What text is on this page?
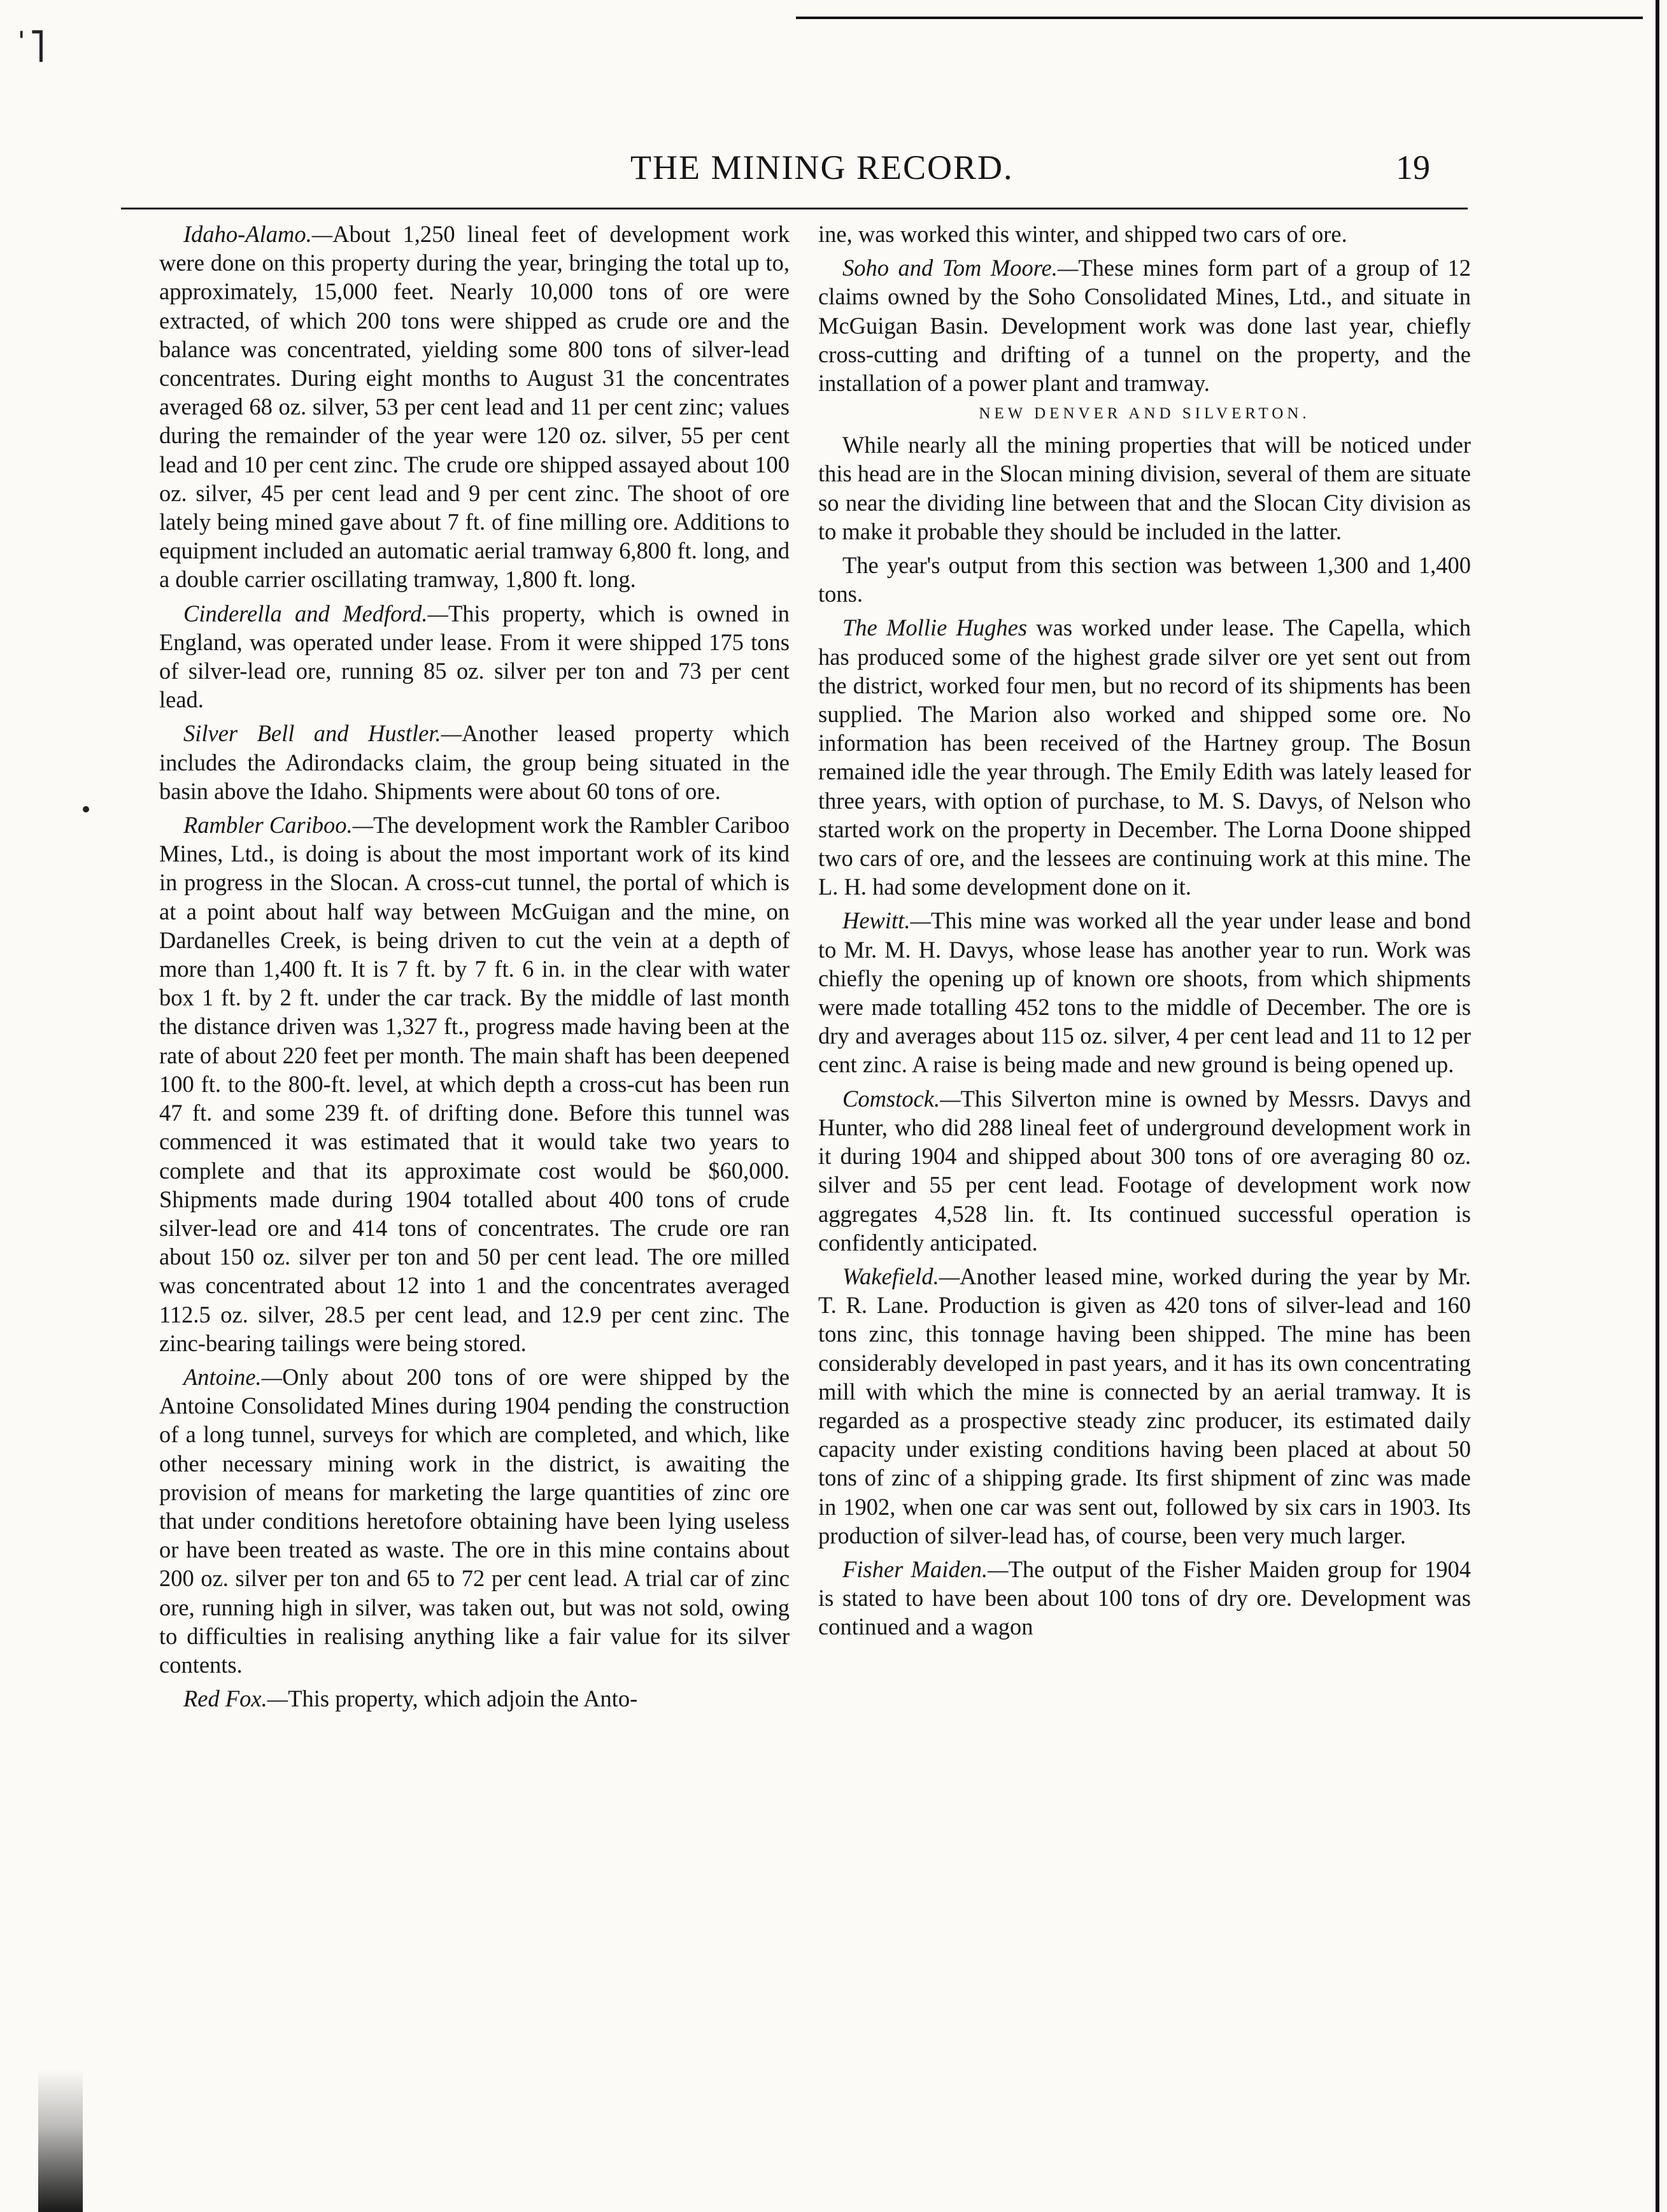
ˈ˥
THE MINING RECORD.	19

Idaho-Alamo.—About 1,250 lineal feet of development work were done on this property during the year, bringing the total up to, approximately, 15,000 feet. Nearly 10,000 tons of ore were extracted, of which 200 tons were shipped as crude ore and the balance was concentrated, yielding some 800 tons of silver-lead concentrates. During eight months to August 31 the concentrates averaged 68 oz. silver, 53 per cent lead and 11 per cent zinc; values during the remainder of the year were 120 oz. silver, 55 per cent lead and 10 per cent zinc. The crude ore shipped assayed about 100 oz. silver, 45 per cent lead and 9 per cent zinc. The shoot of ore lately being mined gave about 7 ft. of fine milling ore. Additions to equipment included an automatic aerial tramway 6,800 ft. long, and a double carrier oscillating tramway, 1,800 ft. long.

Cinderella and Medford.—This property, which is owned in England, was operated under lease. From it were shipped 175 tons of silver-lead ore, running 85 oz. silver per ton and 73 per cent lead.

Silver Bell and Hustler.—Another leased property which includes the Adirondacks claim, the group being situated in the basin above the Idaho. Shipments were about 60 tons of ore.

Rambler Cariboo.—The development work the Rambler Cariboo Mines, Ltd., is doing is about the most important work of its kind in progress in the Slocan. A cross-cut tunnel, the portal of which is at a point about half way between McGuigan and the mine, on Dardanelles Creek, is being driven to cut the vein at a depth of more than 1,400 ft. It is 7 ft. by 7 ft. 6 in. in the clear with water box 1 ft. by 2 ft. under the car track. By the middle of last month the distance driven was 1,327 ft., progress made having been at the rate of about 220 feet per month. The main shaft has been deepened 100 ft. to the 800-ft. level, at which depth a cross-cut has been run 47 ft. and some 239 ft. of drifting done. Before this tunnel was commenced it was estimated that it would take two years to complete and that its approximate cost would be $60,000. Shipments made during 1904 totalled about 400 tons of crude silver-lead ore and 414 tons of concentrates. The crude ore ran about 150 oz. silver per ton and 50 per cent lead. The ore milled was concentrated about 12 into 1 and the concentrates averaged 112.5 oz. silver, 28.5 per cent lead, and 12.9 per cent zinc. The zinc-bearing tailings were being stored.

Antoine.—Only about 200 tons of ore were shipped by the Antoine Consolidated Mines during 1904 pending the construction of a long tunnel, surveys for which are completed, and which, like other necessary mining work in the district, is awaiting the provision of means for marketing the large quantities of zinc ore that under conditions heretofore obtaining have been lying useless or have been treated as waste. The ore in this mine contains about 200 oz. silver per ton and 65 to 72 per cent lead. A trial car of zinc ore, running high in silver, was taken out, but was not sold, owing to difficulties in realising anything like a fair value for its silver contents.

Red Fox.—This property, which adjoin the Anto-

ine, was worked this winter, and shipped two cars of ore.

Soho and Tom Moore.—These mines form part of a group of 12 claims owned by the Soho Consolidated Mines, Ltd., and situate in McGuigan Basin. Development work was done last year, chiefly cross-cutting and drifting of a tunnel on the property, and the installation of a power plant and tramway.

NEW DENVER AND SILVERTON.

While nearly all the mining properties that will be noticed under this head are in the Slocan mining division, several of them are situate so near the dividing line between that and the Slocan City division as to make it probable they should be included in the latter.

The year's output from this section was between 1,300 and 1,400 tons.

The Mollie Hughes was worked under lease. The Capella, which has produced some of the highest grade silver ore yet sent out from the district, worked four men, but no record of its shipments has been supplied. The Marion also worked and shipped some ore. No information has been received of the Hartney group. The Bosun remained idle the year through. The Emily Edith was lately leased for three years, with option of purchase, to M. S. Davys, of Nelson who started work on the property in December. The Lorna Doone shipped two cars of ore, and the lessees are continuing work at this mine. The L. H. had some development done on it.

Hewitt.—This mine was worked all the year under lease and bond to Mr. M. H. Davys, whose lease has another year to run. Work was chiefly the opening up of known ore shoots, from which shipments were made totalling 452 tons to the middle of December. The ore is dry and averages about 115 oz. silver, 4 per cent lead and 11 to 12 per cent zinc. A raise is being made and new ground is being opened up.

Comstock.—This Silverton mine is owned by Messrs. Davys and Hunter, who did 288 lineal feet of underground development work in it during 1904 and shipped about 300 tons of ore averaging 80 oz. silver and 55 per cent lead. Footage of development work now aggregates 4,528 lin. ft. Its continued successful operation is confidently anticipated.

Wakefield.—Another leased mine, worked during the year by Mr. T. R. Lane. Production is given as 420 tons of silver-lead and 160 tons zinc, this tonnage having been shipped. The mine has been considerably developed in past years, and it has its own concentrating mill with which the mine is connected by an aerial tramway. It is regarded as a prospective steady zinc producer, its estimated daily capacity under existing conditions having been placed at about 50 tons of zinc of a shipping grade. Its first shipment of zinc was made in 1902, when one car was sent out, followed by six cars in 1903. Its production of silver-lead has, of course, been very much larger.

Fisher Maiden.—The output of the Fisher Maiden group for 1904 is stated to have been about 100 tons of dry ore. Development was continued and a wagon
